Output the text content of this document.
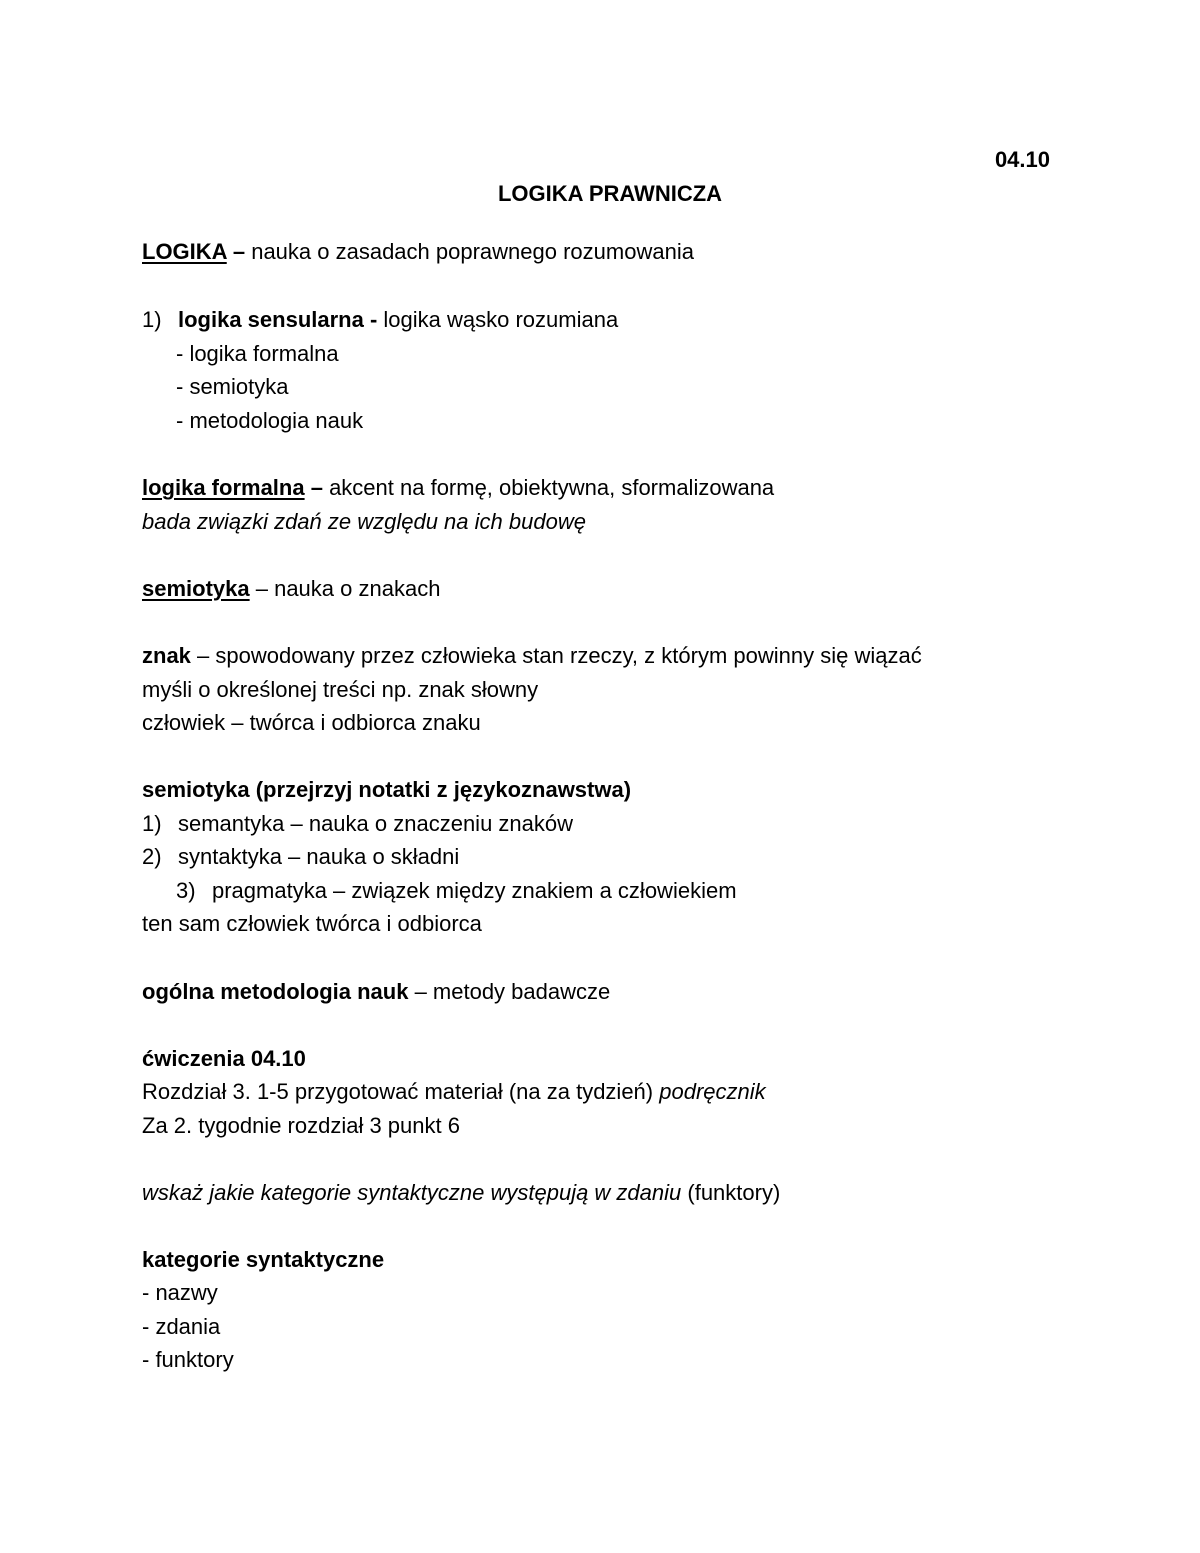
04.10
LOGIKA PRAWNICZA
LOGIKA – nauka o zasadach poprawnego rozumowania
1) logika sensularna - logika wąsko rozumiana
- logika formalna
- semiotyka
- metodologia nauk
logika formalna – akcent na formę, obiektywna, sformalizowana
bada związki zdań ze względu na ich budowę
semiotyka – nauka o znakach
znak – spowodowany przez człowieka stan rzeczy, z którym powinny się wiązać
myśli o określonej treści np. znak słowny
człowiek – twórca i odbiorca znaku
semiotyka (przejrzyj notatki z językoznawstwa)
1) semantyka – nauka o znaczeniu znaków
2) syntaktyka – nauka o składni
3) pragmatyka – związek między znakiem a człowiekiem
ten sam człowiek twórca i odbiorca
ogólna metodologia nauk – metody badawcze
ćwiczenia 04.10
Rozdział 3. 1-5 przygotować materiał (na za tydzień) podręcznik
Za 2. tygodnie rozdział 3 punkt 6
wskaż jakie kategorie syntaktyczne występują w zdaniu (funktory)
kategorie syntaktyczne
- nazwy
- zdania
- funktory
